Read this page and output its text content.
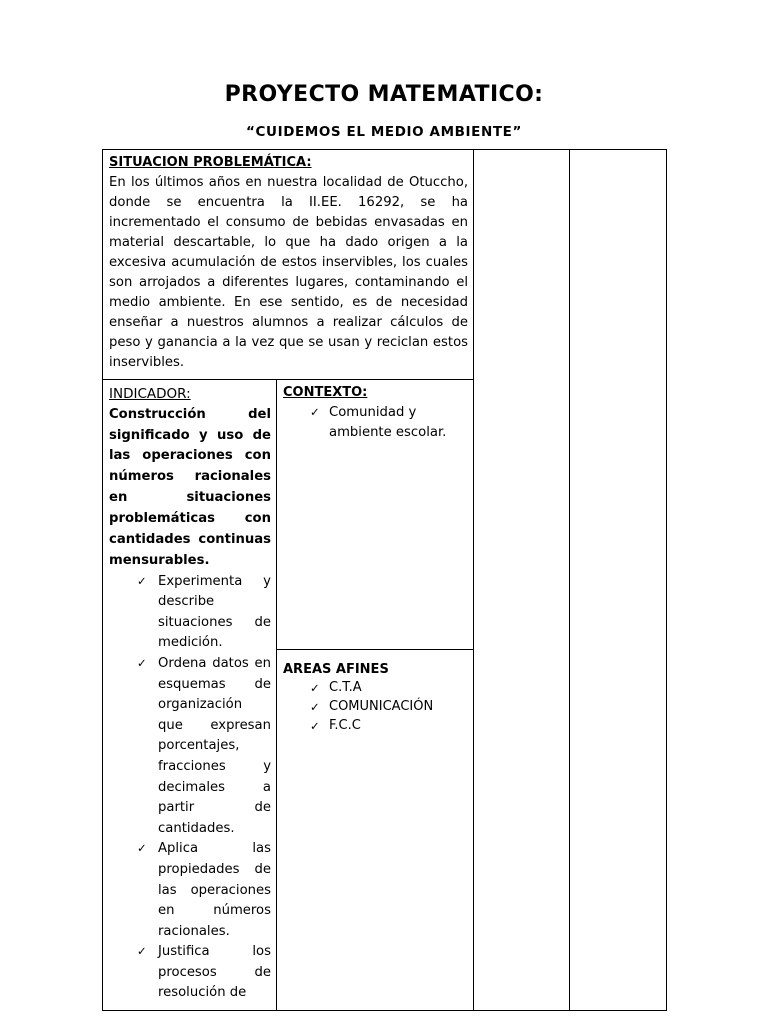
PROYECTO MATEMATICO:
“CUIDEMOS EL MEDIO AMBIENTE”
SITUACION PROBLEMÁTICA:

En los últimos años en nuestra localidad de Otuccho, donde se encuentra la II.EE. 16292, se ha incrementado el consumo de bebidas envasadas en material descartable, lo que ha dado origen a la excesiva acumulación de estos inservibles, los cuales son arrojados a diferentes lugares, contaminando el medio ambiente. En ese sentido, es de necesidad enseñar a nuestros alumnos a realizar cálculos de peso y ganancia a la vez que se usan y reciclan estos inservibles.			

INDICADOR:

Construcción del significado y uso de las operaciones con números racionales en situaciones problemáticas con cantidades continuas mensurables.

✓ Experimenta y describe situaciones de medición.
✓ Ordena datos en esquemas de organización que expresan porcentajes, fracciones y decimales a partir de cantidades.
✓ Aplica las propiedades de las operaciones en números racionales.
✓ Justifica los procesos de resolución de

CONTEXTO:
✓ Comunidad y ambiente escolar.

AREAS AFINES
✓ C.T.A
✓ COMUNICACIÓN
✓ F.C.C
